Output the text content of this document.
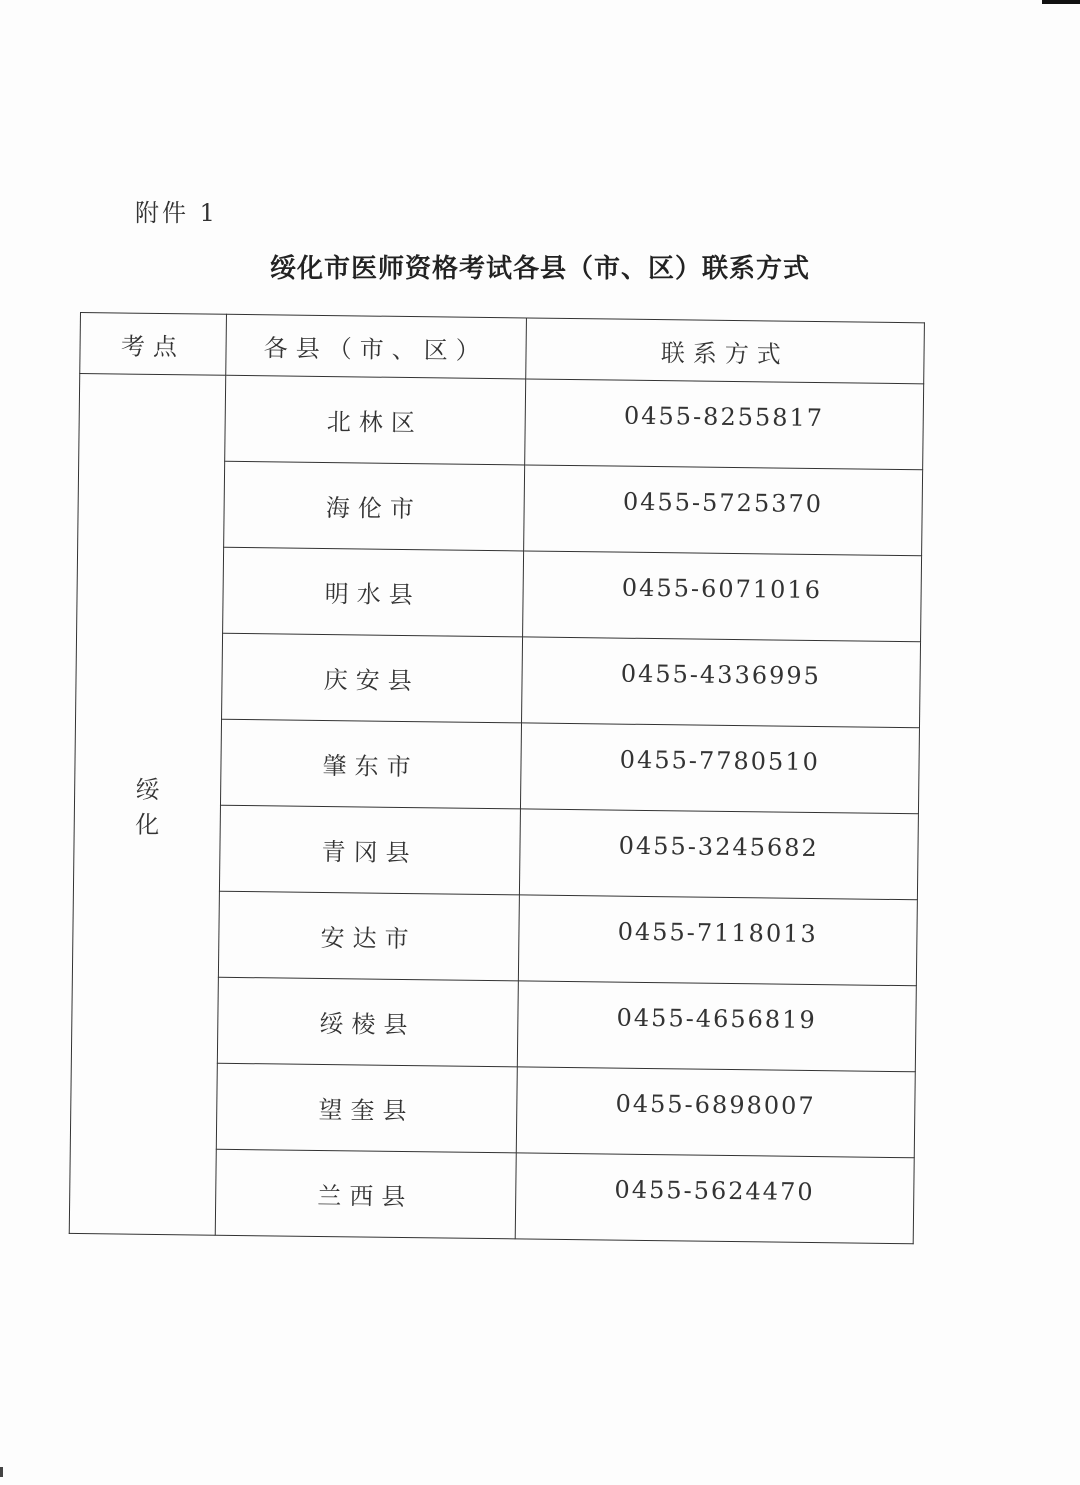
附件 1
绥化市医师资格考试各县（市、区）联系方式
考点	各县（市、区）	联系方式
绥化	北林区	0455-8255817
	海伦市	0455-5725370
	明水县	0455-6071016
	庆安县	0455-4336995
	肇东市	0455-7780510
	青冈县	0455-3245682
	安达市	0455-7118013
	绥棱县	0455-4656819
	望奎县	0455-6898007
	兰西县	0455-5624470
